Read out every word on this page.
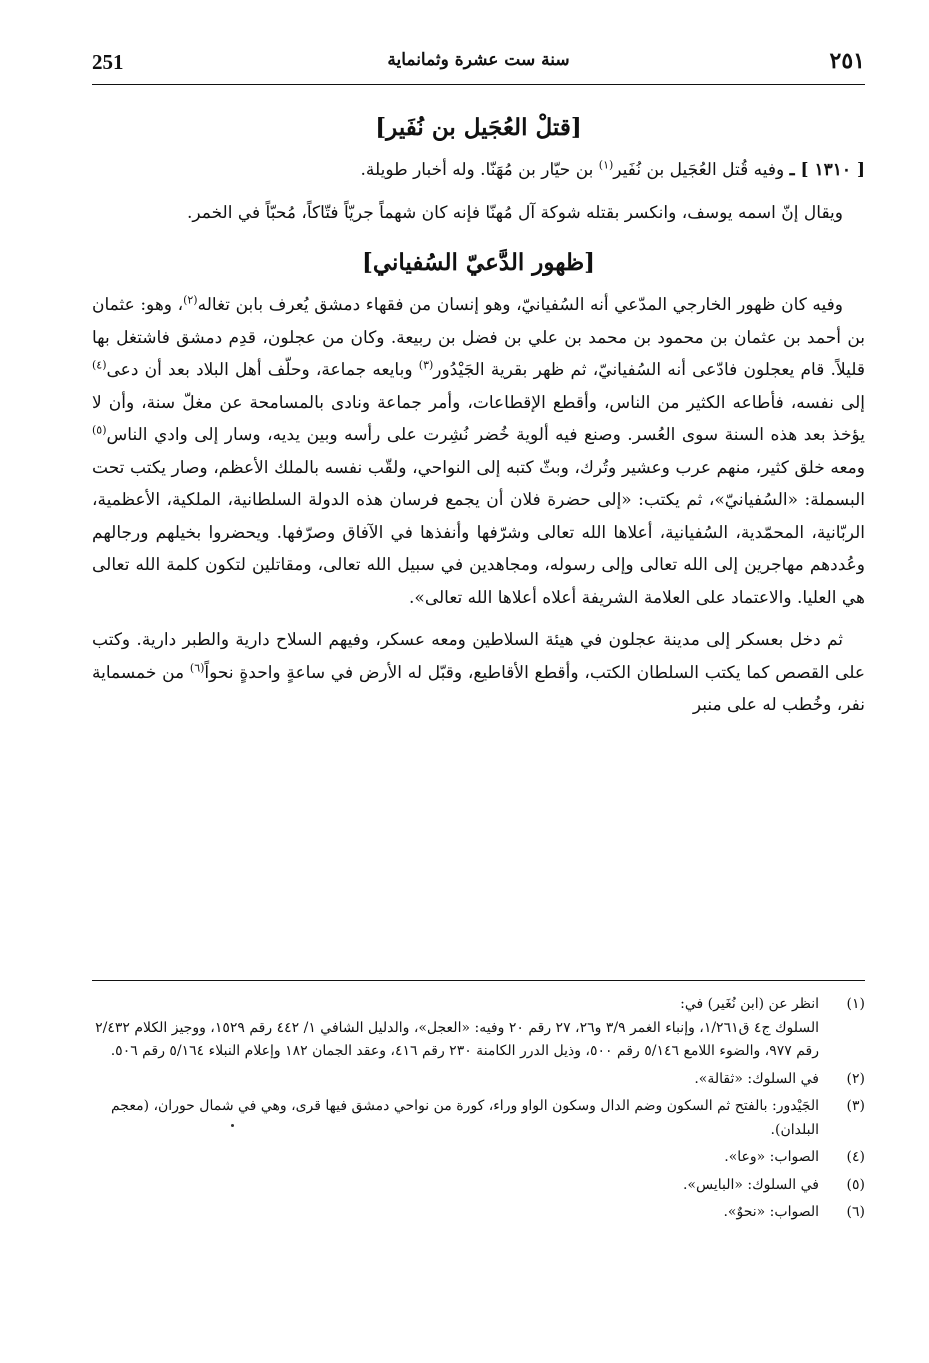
251	سنة ست عشرة وثمانماية	٢٥١
[قتلْ العُجَيل بن نُفَير]

[ ١٣١٠ ] ـ وفيه قُتل العُجَيل بن نُفَير$^{(١)}$ بن حيّار بن مُهَنّا. وله أخبار طويلة.

ويقال إنّ اسمه يوسف، وانكسر بقتله شوكة آل مُهنّا فإنه كان شهماً جريّاً فتّاكاً، مُحبّاً في الخمر.

[ظهور الدَّعيّ السُفياني]

وفيه كان ظهور الخارجي المدّعي أنه السُفيانيّ، وهو إنسان من فقهاء دمشق يُعرف بابن تغاله$^{(٢)}$، وهو: عثمان بن أحمد بن عثمان بن محمود بن محمد بن علي بن فضل بن ربيعة. وكان من عجلون، قدِم دمشق فاشتغل بها قليلاً. قام يعجلون فادّعى أنه السُفيانيّ، ثم ظهر بقرية الجَيْدُور$^{(٣)}$ وبايعه جماعة، وحلّف أهل البلاد بعد أن دعى$^{(٤)}$ إلى نفسه، فأطاعه الكثير من الناس، وأقطع الإقطاعات، وأمر جماعة ونادى بالمسامحة عن مغلّ سنة، وأن لا يؤخذ بعد هذه السنة سوى العُسر. وصنع فيه ألوية خُضر نُشِرت على رأسه وبين يديه، وسار إلى وادي الناس$^{(٥)}$ ومعه خلق كثير، منهم عرب وعشير وتُرك، وبثّ كتبه إلى النواحي، ولقّب نفسه بالملك الأعظم، وصار يكتب تحت البسملة: «السُفيانيّ»، ثم يكتب: «إلى حضرة فلان أن يجمع فرسان هذه الدولة السلطانية، الملكية، الأعظمية، الربّانية، المحمّدية، السُفيانية، أعلاها الله تعالى وشرّفها وأنفذها في الآفاق وصرّفها. ويحضروا بخيلهم ورجالهم وعُددهم مهاجرين إلى الله تعالى وإلى رسوله، ومجاهدين في سبيل الله تعالى، ومقاتلين لتكون كلمة الله تعالى هي العليا. والاعتماد على العلامة الشريفة أعلاه أعلاها الله تعالى».

ثم دخل بعسكر إلى مدينة عجلون في هيئة السلاطين ومعه عسكر، وفيهم السلاح دارية والطبر دارية. وكتب على القصص كما يكتب السلطان الكتب، وأقطع الأقاطيع، وقبّل له الأرض في ساعةٍ واحدةٍ نحواً$^{(٦)}$ من خمسماية نفر، وخُطب له على منبر

(١)
انظر عن (ابن نُغَير) في:
السلوك ج٤ ق١/٢٦١، وإنباء الغمر ٣/٩ و٢٦، ٢٧ رقم ٢٠ وفيه: «العجل»، والدليل الشافي ١/ ٤٤٢ رقم ١٥٢٩، ووجيز الكلام ٢/٤٣٢ رقم ٩٧٧، والضوء اللامع ٥/١٤٦ رقم ٥٠٠، وذيل الدرر الكامنة ٢٣٠ رقم ٤١٦، وعقد الجمان ١٨٢ وإعلام النبلاء ٥/١٦٤ رقم ٥٠٦.
(٢)
في السلوك: «ثقالة».
(٣)
الجَيْدور: بالفتح ثم السكون وضم الدال وسكون الواو وراء، كورة من نواحي دمشق فيها قرى، وهي في شمال حوران، (معجم البلدان).
(٤)
الصواب: «وعا».
(٥)
في السلوك: «البايس».
(٦)
الصواب: «نحوٌ».
